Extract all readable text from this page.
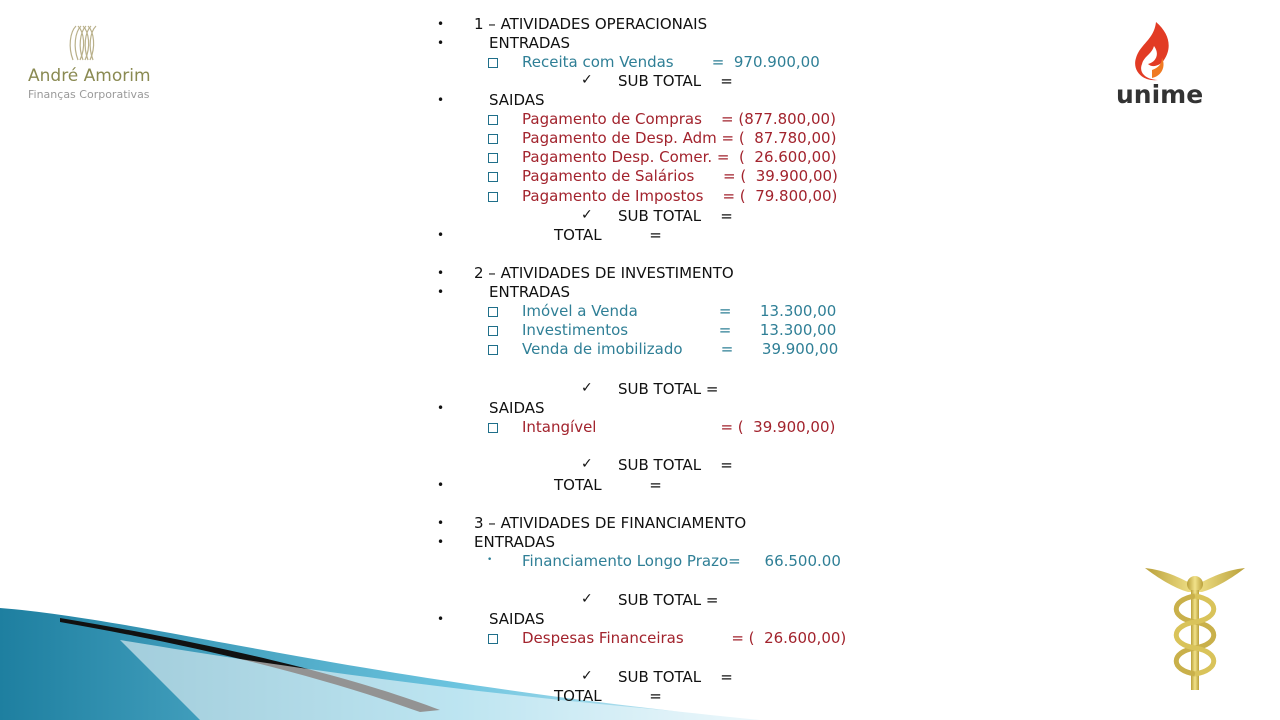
André Amorim
Finanças Corporativas	unime
• 1 – ATIVIDADES OPERACIONAIS
•	ENTRADAS
Receita com Vendas        =  970.900,00
✓ SUB TOTAL    =
•	SAIDAS
Pagamento de Compras    = (877.800,00)
Pagamento de Desp. Adm = (  87.780,00)
Pagamento Desp. Comer. =  (  26.600,00)
Pagamento de Salários      = (  39.900,00)
Pagamento de Impostos    = (  79.800,00)
✓ SUB TOTAL    =
•	TOTAL          =
• 2 – ATIVIDADES DE INVESTIMENTO
•	ENTRADAS
Imóvel a Venda                 =      13.300,00
Investimentos                   =      13.300,00
Venda de imobilizado        =      39.900,00
✓ SUB TOTAL =
•	SAIDAS
Intangível                          = (  39.900,00)
✓ SUB TOTAL    =
•	TOTAL          =
• 3 – ATIVIDADES DE FINANCIAMENTO
• ENTRADAS
• Financiamento Longo Prazo=     66.500.00
✓ SUB TOTAL =
•	SAIDAS
Despesas Financeiras          = (  26.600,00)
✓ SUB TOTAL    =
TOTAL          =
